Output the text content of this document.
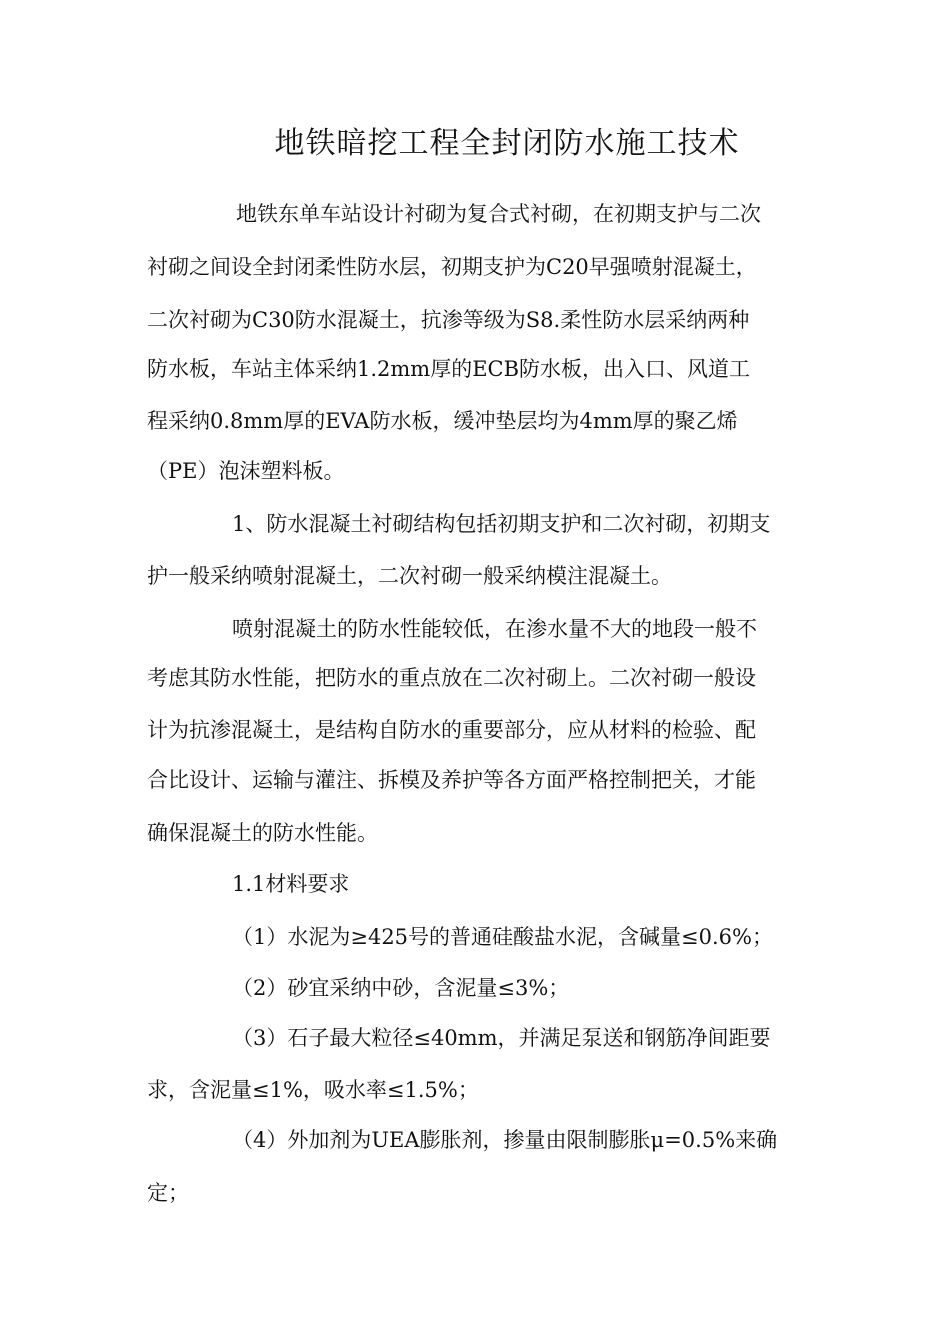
地铁暗挖工程全封闭防水施工技术

地铁东单车站设计衬砌为复合式衬砌，在初期支护与二次

衬砌之间设全封闭柔性防水层，初期支护为C20早强喷射混凝土，

二次衬砌为C30防水混凝土，抗渗等级为S8.柔性防水层采纳两种

防水板，车站主体采纳1.2mm厚的ECB防水板，出入口、风道工

程采纳0.8mm厚的EVA防水板，缓冲垫层均为4mm厚的聚乙烯

（PE）泡沫塑料板。

1、防水混凝土衬砌结构包括初期支护和二次衬砌，初期支

护一般采纳喷射混凝土，二次衬砌一般采纳模注混凝土。

喷射混凝土的防水性能较低，在渗水量不大的地段一般不

考虑其防水性能，把防水的重点放在二次衬砌上。二次衬砌一般设

计为抗渗混凝土，是结构自防水的重要部分，应从材料的检验、配

合比设计、运输与灌注、拆模及养护等各方面严格控制把关，才能

确保混凝土的防水性能。

1.1材料要求

（1）水泥为≥425号的普通硅酸盐水泥，含碱量≤0.6%；

（2）砂宜采纳中砂，含泥量≤3%；

（3）石子最大粒径≤40mm，并满足泵送和钢筋净间距要

求，含泥量≤1%，吸水率≤1.5%；

（4）外加剂为UEA膨胀剂，掺量由限制膨胀μ=0.5%来确

定；
